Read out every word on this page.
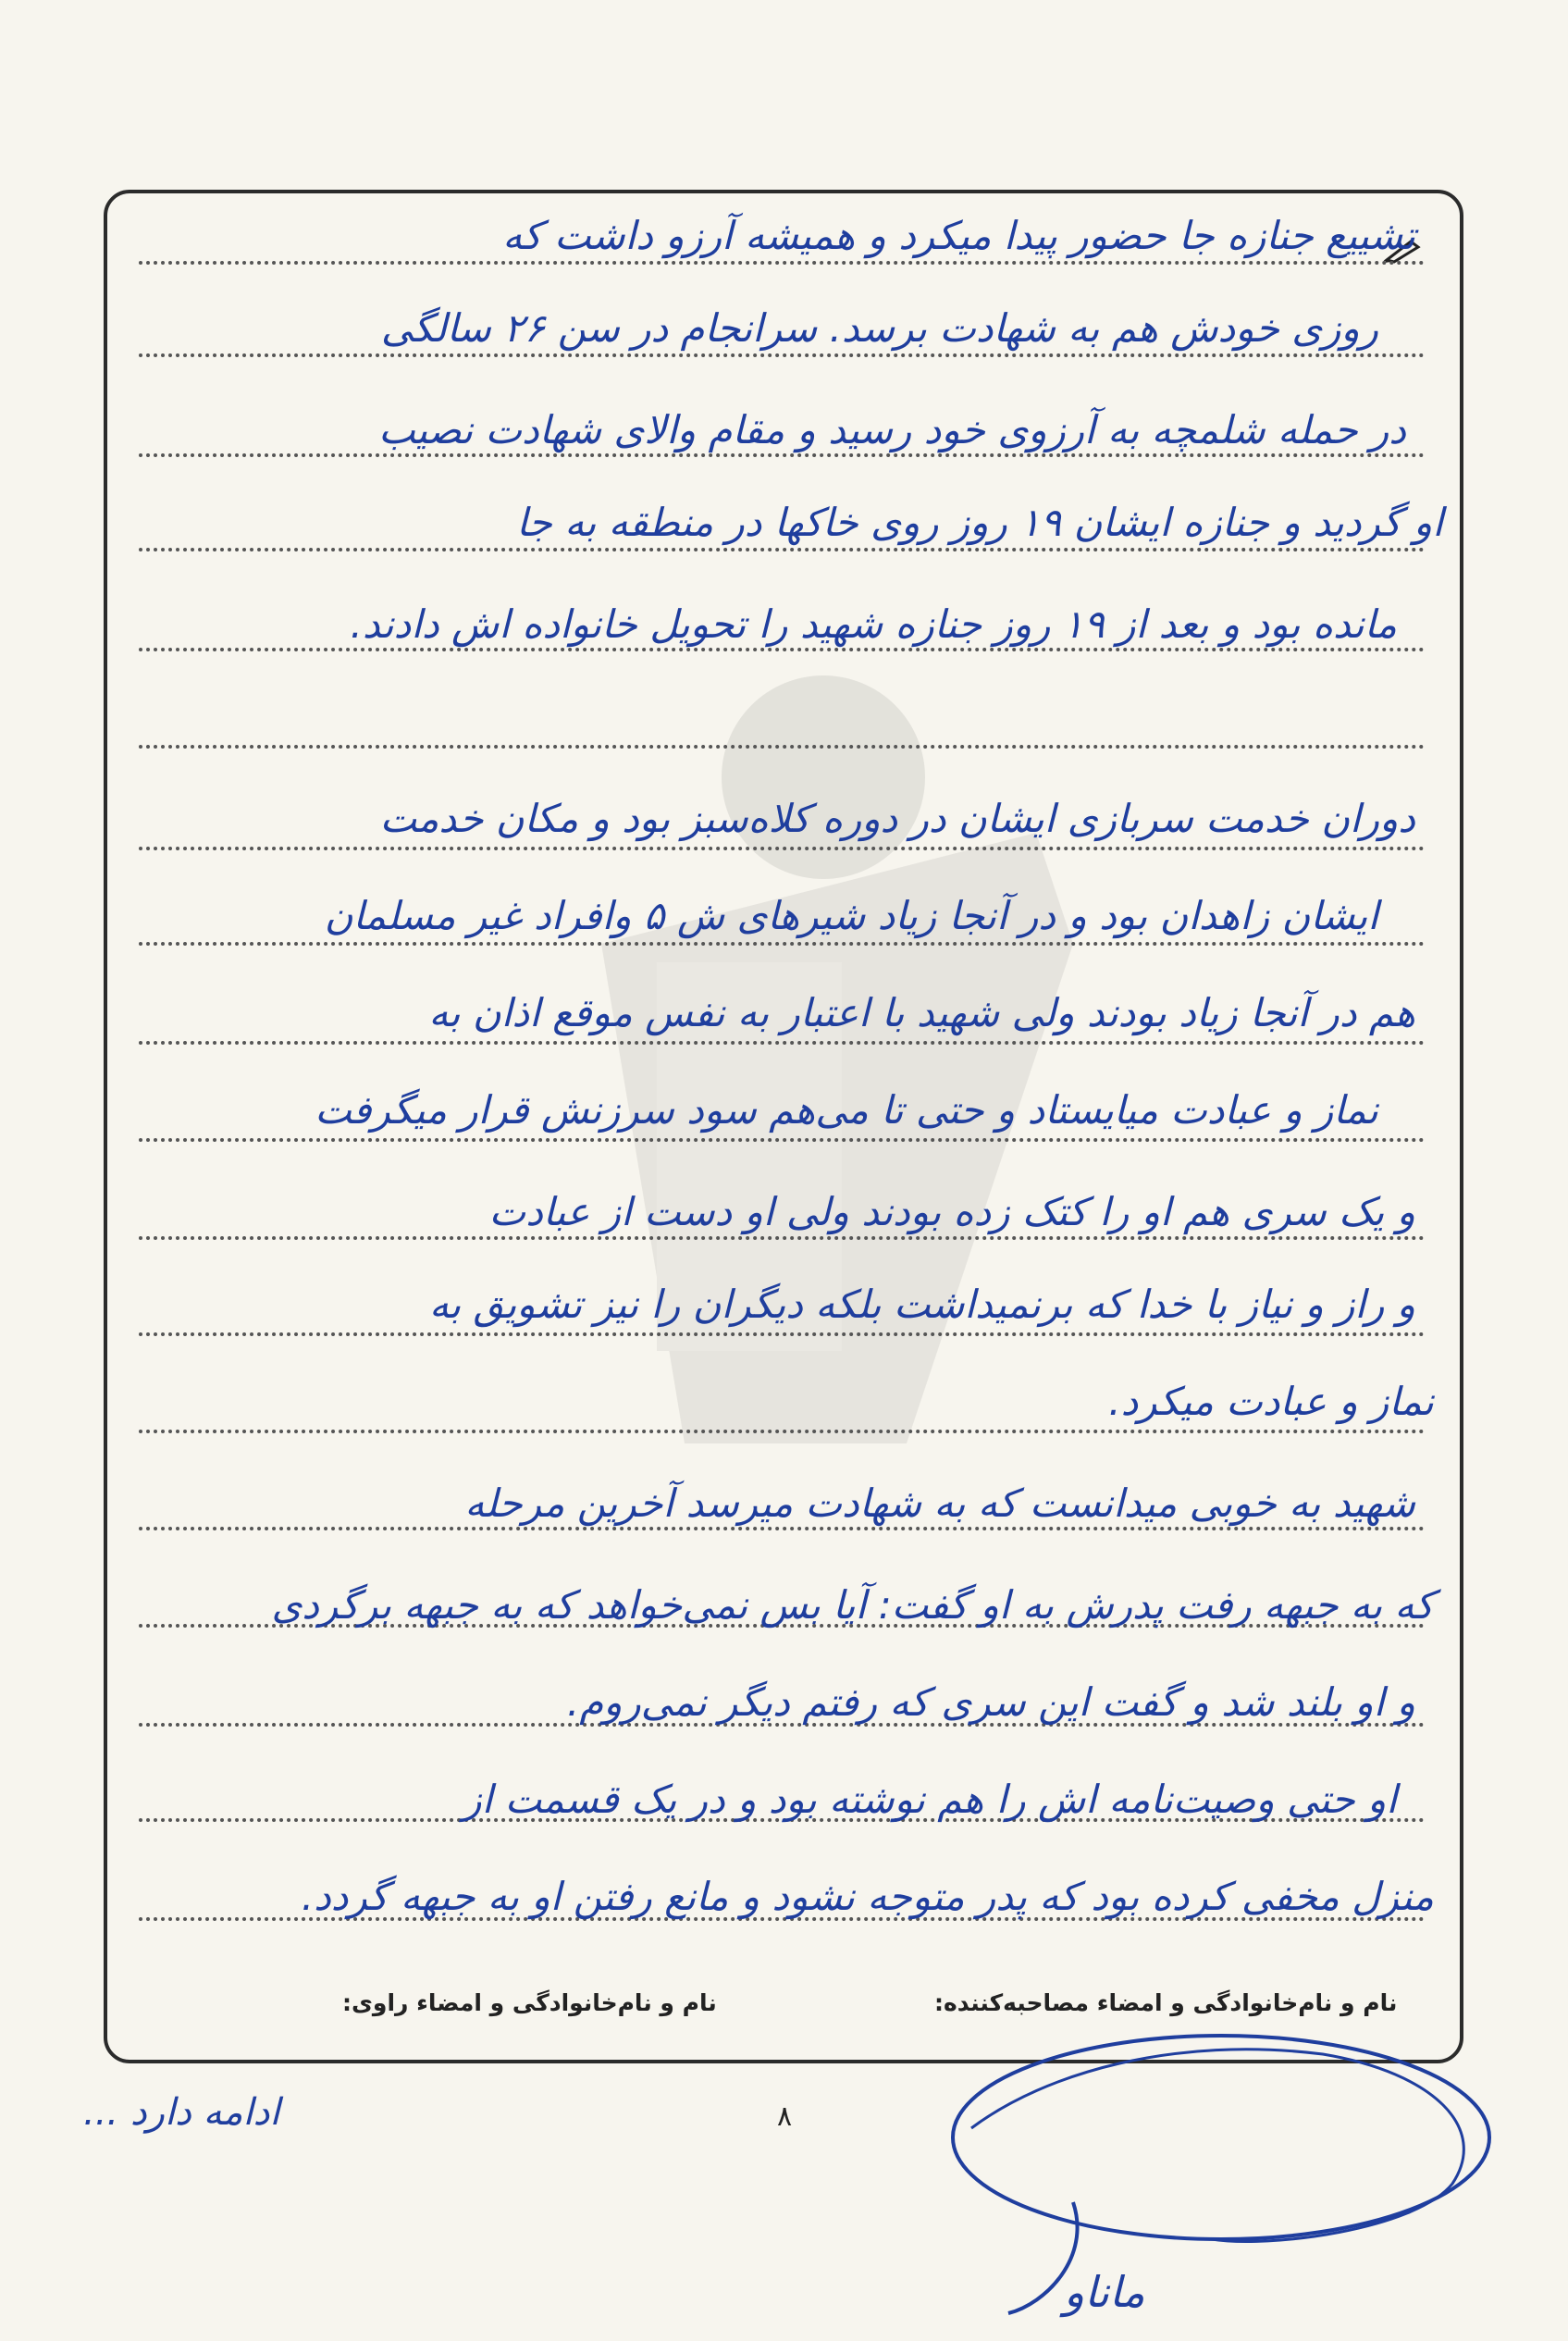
تشییع جنازه جا حضور پیدا میکرد و همیشه آرزو داشت که
روزی خودش هم به شهادت برسد. سرانجام در سن ۲۶ سالگی
در حمله شلمچه به آرزوی خود رسید و مقام والای شهادت نصیب
او گردید و جنازه ایشان ۱۹ روز روی خاکها در منطقه به جا
مانده بود و بعد از ۱۹ روز جنازه شهید را تحویل خانواده اش دادند.
دوران خدمت سربازی ایشان در دوره کلاه‌سبز بود و مکان خدمت
ایشان زاهدان بود و در آنجا زیاد شیرهای ش ۵ وافراد غیر مسلمان
هم در آنجا زیاد بودند ولی شهید با اعتبار به نفس موقع اذان به
نماز و عبادت میایستاد و حتی تا می‌هم سود سرزنش قرار میگرفت
و یک سری هم او را کتک زده بودند ولی او دست از عبادت
و راز و نیاز با خدا که برنمیداشت بلکه دیگران را نیز تشویق به
نماز و عبادت میکرد.
شهید به خوبی میدانست که به شهادت میرسد آخرین مرحله
که به جبهه رفت پدرش به او گفت: آیا بس نمی‌خواهد که به جبهه برگردی
و او بلند شد و گفت این سری که رفتم دیگر نمی‌روم.
او حتی وصیت‌نامه اش را هم نوشته بود و در یک قسمت از
منزل مخفی کرده بود که پدر متوجه نشود و مانع رفتن او به جبهه گردد.
نام و نام‌خانوادگی و امضاء مصاحبه‌کننده:
نام و نام‌خانوادگی و امضاء راوی:
۸
ادامه دارد ...
ماناو
